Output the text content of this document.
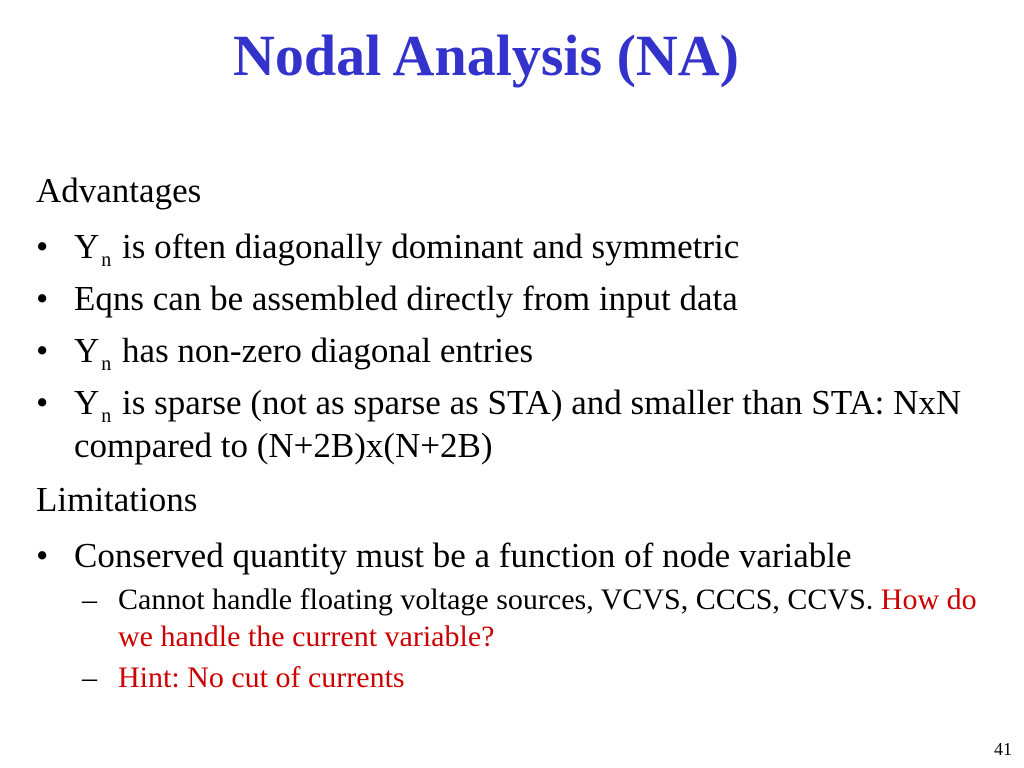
Nodal Analysis (NA)
Advantages
• Y $_n$ is often diagonally dominant and symmetric
• Eqns can be assembled directly from input data
• Y $_n$ has non-zero diagonal entries
• Y $_n$ is sparse (not as sparse as STA) and smaller than STA: NxN compared to (N+2B)x(N+2B)
Limitations
• Conserved quantity must be a function of node variable
– Cannot handle floating voltage sources, VCVS, CCCS, CCVS. How do we handle the current variable?
– Hint: No cut of currents
41
